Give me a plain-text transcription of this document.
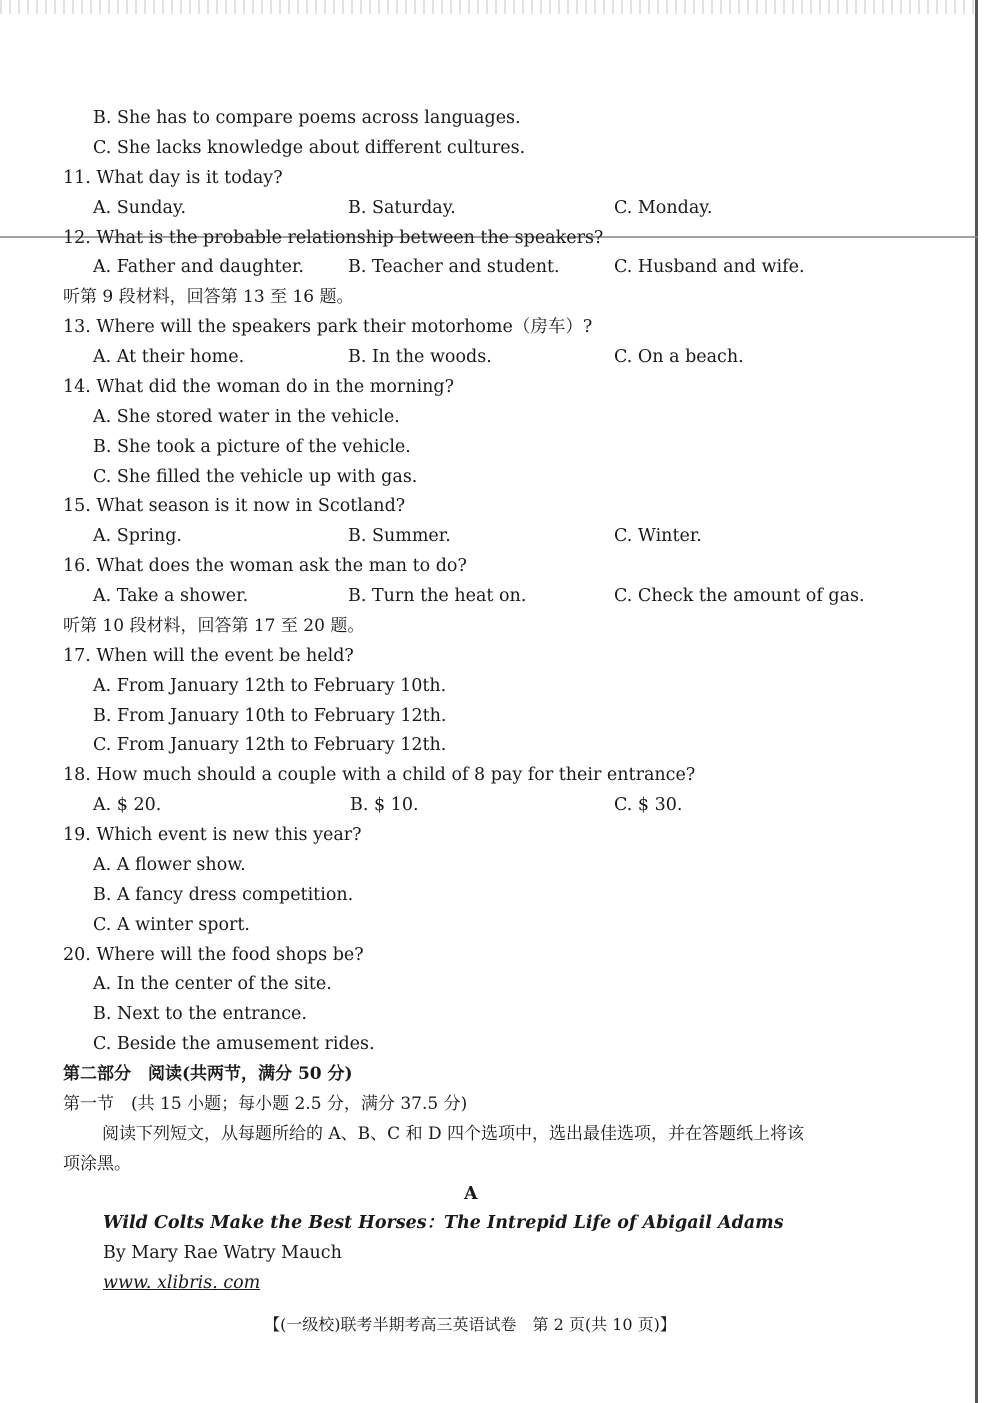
B. She has to compare poems across languages.
C. She lacks knowledge about different cultures.
11. What day is it today?
A. Sunday.	B. Saturday.	C. Monday.
12. What is the probable relationship between the speakers?
A. Father and daughter.	B. Teacher and student.	C. Husband and wife.
听第 9 段材料，回答第 13 至 16 题。
13. Where will the speakers park their motorhome（房车）?
A. At their home.	B. In the woods.	C. On a beach.
14. What did the woman do in the morning?
A. She stored water in the vehicle.
B. She took a picture of the vehicle.
C. She filled the vehicle up with gas.
15. What season is it now in Scotland?
A. Spring.	B. Summer.	C. Winter.
16. What does the woman ask the man to do?
A. Take a shower.	B. Turn the heat on.	C. Check the amount of gas.
听第 10 段材料，回答第 17 至 20 题。
17. When will the event be held?
A. From January 12th to February 10th.
B. From January 10th to February 12th.
C. From January 12th to February 12th.
18. How much should a couple with a child of 8 pay for their entrance?
A. $ 20.	B. $ 10.	C. $ 30.
19. Which event is new this year?
A. A flower show.
B. A fancy dress competition.
C. A winter sport.
20. Where will the food shops be?
A. In the center of the site.
B. Next to the entrance.
C. Beside the amusement rides.
第二部分　阅读(共两节，满分 50 分)
第一节　(共 15 小题；每小题 2.5 分，满分 37.5 分)
阅读下列短文，从每题所给的 A、B、C 和 D 四个选项中，选出最佳选项，并在答题纸上将该
项涂黑。
A
Wild Colts Make the Best Horses：The Intrepid Life of Abigail Adams
By Mary Rae Watry Mauch
www. xlibris. com
【(一级校)联考半期考高三英语试卷　第 2 页(共 10 页)】
